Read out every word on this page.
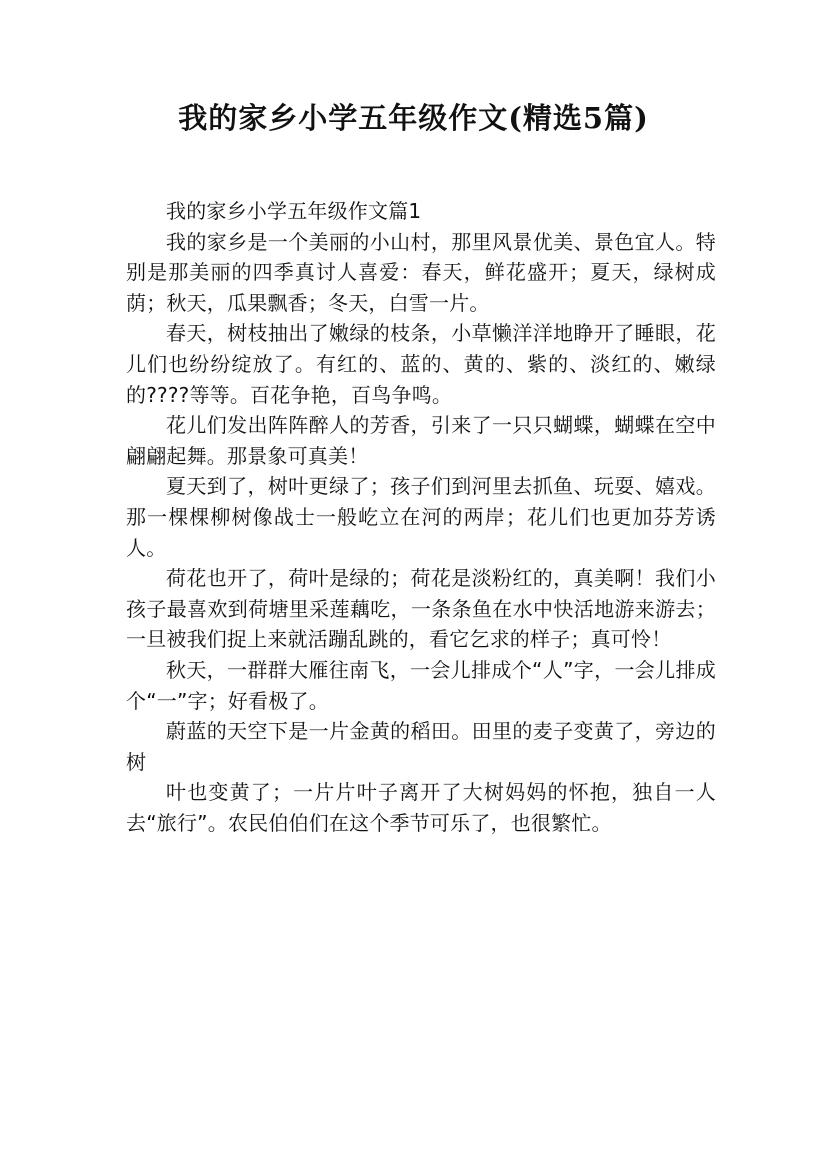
我的家乡小学五年级作文(精选5篇)

我的家乡小学五年级作文篇1

我的家乡是一个美丽的小山村，那里风景优美、景色宜人。特别是那美丽的四季真讨人喜爱：春天，鲜花盛开；夏天，绿树成荫；秋天，瓜果飘香；冬天，白雪一片。

春天，树枝抽出了嫩绿的枝条，小草懒洋洋地睁开了睡眼，花儿们也纷纷绽放了。有红的、蓝的、黄的、紫的、淡红的、嫩绿的????等等。百花争艳，百鸟争鸣。

花儿们发出阵阵醉人的芳香，引来了一只只蝴蝶，蝴蝶在空中翩翩起舞。那景象可真美！

夏天到了，树叶更绿了；孩子们到河里去抓鱼、玩耍、嬉戏。那一棵棵柳树像战士一般屹立在河的两岸；花儿们也更加芬芳诱人。

荷花也开了，荷叶是绿的；荷花是淡粉红的，真美啊！我们小孩子最喜欢到荷塘里采莲藕吃，一条条鱼在水中快活地游来游去；一旦被我们捉上来就活蹦乱跳的，看它乞求的样子；真可怜！

秋天，一群群大雁往南飞，一会儿排成个“人”字，一会儿排成个“一”字；好看极了。

蔚蓝的天空下是一片金黄的稻田。田里的麦子变黄了，旁边的树

叶也变黄了；一片片叶子离开了大树妈妈的怀抱，独自一人去“旅行”。农民伯伯们在这个季节可乐了，也很繁忙。
